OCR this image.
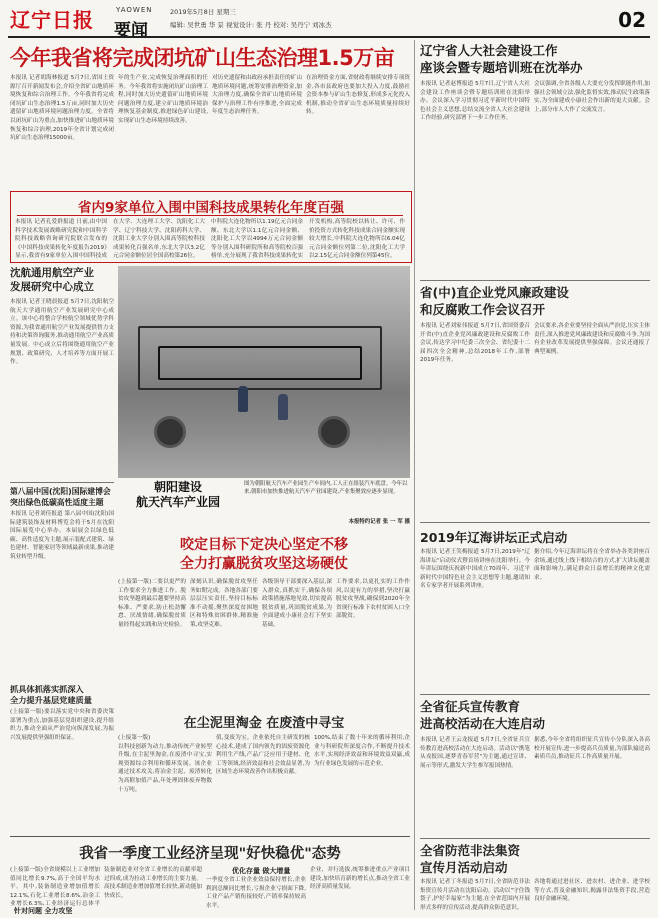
辽宁日报	YAOWEN
要闻
2019年5月8日 星期三
编辑: 吴世勇 华 景 视觉设计: 张 丹 校对: 吴丹宁 刘冰杰	02
今年我省将完成闭坑矿山生态治理1.5万亩
本报讯 记者胡海林报道 5月7日,省国土资源厅召开新闻发布会,介绍全省矿山地质环境恢复和综合治理工作。今年我省将完成闭坑矿山生态治理1.5万亩,同时加大历史遗留矿山地质环境问题治理力度。全省将以闭坑矿山为重点,加快推进矿山地质环境恢复和综合治理,2019年全省计划完成闭坑矿山生态治理15000亩。
年的生产业,完成恢复治理面积的任务。今年我省将实施闭坑矿山治理工程,同时加大历史遗留矿山地质环境问题治理力度,建立矿山地质环境治理恢复基金制度,推进绿色矿山建设,实现矿山生态环境持续改善。
对历史遗留和由政府承担责任的矿山地质环境问题,统筹安排治理资金,加大治理力度,确保全省矿山地质环境保护与治理工作有序推进,全面完成年度生态治理任务。
在治理资金方面,省财政将继续安排专项资金,各市县政府也要加大投入力度,鼓励社会资本参与矿山生态修复,形成多元化投入机制,推动全省矿山生态环境质量持续好转。
省内9家单位入围中国科技成果转化年度百强
本报讯 记者孔爱群报道 日前,由中国科学技术发展战略研究院和中国科学院科技战略咨询研究院联合发布的《中国科技成果转化年度报告2019》显示,我省有9家单位入围中国科技成
在大学、大连理工大学、沈阳化工大学、辽宁科技大学、沈阳药科大学、沈阳工业大学分别入围高等院校科技成果转化百强名单,东北大学以3.2亿元合同金额位居全国高校第26位。
中科院大连化物所以1.19亿元合同金额、东北大学以1.1亿元合同金额、沈阳化工大学以4994万元合同金额等分别入围科研院所和高等院校百强榜单,充分展现了我省科技成果转化实
开发机构,高等院校以转让、许可、作价投资方式转化科技成果合同金额实现较大增长,中科院大连化物所以6.04亿元合同金额位列第二位,沈阳化工大学以2.15亿元合同金额位列第45位。
沈航通用航空产业
发展研究中心成立
本报讯 记者王晓晨报道 5月7日,沈阳航空航天大学通用航空产业发展研究中心成立。该中心将整合学校航空领域优势学科资源,为我省通用航空产业发展提供智力支持和决策咨询服务,推动通用航空产业高质量发展。中心成立后将围绕通用航空产业规划、政策研究、人才培养等方面开展工作。
第八届中国(沈阳)国际建博会
突出绿色低碳高性适度主题
本报讯 记者刘佳报道 第八届中国(沈阳)国际建筑装饰及材料博览会将于5月在沈阳国际展览中心举办。本届展会以绿色低碳、高性适度为主题,展示装配式建筑、绿色建材、智能家居等领域最新成果,推动建筑业转型升级。
朝阳建设
航天汽车产业园
图为朝阳航天汽车产业园生产车间内,工人正在组装汽车底盘。今年以来,朝阳市加快推进航天汽车产业园建设,产业集聚效应逐步显现。
本报特约记者 张 一 军 摄
抓具体抓落实抓深入
全力提升基层党建质量
(上接第一版)要以落实党中央和省委决策部署为重点,加强基层党组织建设,提升组织力,推动全面从严治党向纵深发展,为振兴发展提供坚强组织保证。
咬定目标下定决心坚定不移
全力打赢脱贫攻坚这场硬仗
(上接第一版)二要以更严的工作要求全力推进工作。脱贫攻坚越到最后越要坚持高标准、严要求,防止松劲懈怠、厌战情绪,确保脱贫质量经得起实践和历史检验。
深刻认识,确保脱贫攻坚任务如期完成。各地各部门要层层压实责任,坚持目标标准不动摇,聚焦深度贫困地区和特殊贫困群体,精准施策,攻坚克难。
各级领导干部要深入基层,深入群众,真抓实干,确保各项政策措施落地见效,切实提高脱贫质量,巩固脱贫成果,为全面建成小康社会打下坚实基础。
工作要求,以更扎实的工作作风,以更有力的举措,坚决打赢脱贫攻坚战,确保到2020年全省现行标准下农村贫困人口全部脱贫。
在尘泥里淘金 在废渣中寻宝
(上接第一版)
以科技创新为动力,推动传统产业转型升级,在尘泥里淘金,在废渣中寻宝,实现资源综合利用和循环发展。该企业通过技术攻关,将冶金尘泥、废渣转化为高附加值产品,年处理固体废弃物数十万吨。
值,变废为宝。企业依托自主研发的核心技术,建成了国内领先的固废资源化利用生产线,产品广泛应用于建材、化工等领域,经济效益和社会效益显著,为区域生态环境改善作出积极贡献。
100%,结束了数十年来的循环利用,企业与科研院所深度合作,不断提升技术水平,实现经济效益和环境效益双赢,成为行业绿色发展的示范企业。
我省一季度工业经济呈现"好快稳优"态势
(上接第一版)全省规模以上工业增加值同比增长9.7%,高于全国平均水平。其中,装备制造业增加值增长12.1%,石化工业增长8.6%,冶金工业增长6.3%,工业经济运行总体平
针对问题 全力攻坚
装备制造业对全省工业增长的贡献率超过四成,成为拉动工业增长的主要力量。高技术制造业增加值增长较快,新动能加快成长。
优化存量 做大增量
一季度全省工业企业效益保持增长,企业利润总额同比增长,亏损企业亏损面下降,工业产品产销衔接较好,产销率保持较高水平。
企业、并行选拔,统筹推进重点产业项目建设,加快培育新的增长点,推动全省工业经济高质量发展。
辽宁省人大社会建设工作
座谈会暨专题培训班在沈举办
本报讯 记者赵博报道 5月7日,辽宁省人大社会建设工作座谈会暨专题培训班在沈阳举办。会议深入学习贯彻习近平新时代中国特色社会主义思想,总结交流全省人大社会建设工作经验,研究部署下一步工作任务。
会议强调,全省各级人大要充分发挥职能作用,加强社会领域立法,强化监督实效,推动民生政策落实,为全面建成小康社会作出新的更大贡献。会上,部分市人大作了交流发言。
省(中)直企业党风廉政建设
和反腐败工作会议召开
本报讯 记者刘家伟报道 5月7日,省国资委召开省(中)直企业党风廉政建设和反腐败工作会议,传达学习中纪委三次全会、省纪委十二届四次全会精神,总结2018年工作,部署2019年任务。
会议要求,各企业要坚持全面从严治党,压实主体责任,深入推进党风廉政建设和反腐败斗争,为国有企业改革发展提供坚强保障。会议还通报了典型案例。
2019年辽海讲坛正式启动
本报讯 记者王笑梅报道 5月7日,2019年"辽海讲坛"启动仪式暨首场讲座在沈阳举行。今年讲坛围绕庆祝新中国成立70周年、习近平新时代中国特色社会主义思想等主题,邀请知名专家学者开展系列讲座。
据介绍,今年辽海讲坛将在全省举办各类讲座百余场,通过线上线下相结合的方式,扩大讲坛覆盖面和影响力,满足群众日益增长的精神文化需求。
全省征兵宣传教育
进高校活动在大连启动
本报讯 记者王云龙报道 5月7日,全省征兵宣传教育进高校活动在大连启动。活动以"携笔从戎报国,逐梦青春军营"为主题,通过宣讲、展示等形式,激发大学生参军报国热情。
据悉,今年全省将组织征兵宣传小分队深入各高校开展宣传,进一步提高兵员质量,为部队输送高素质兵员,推动征兵工作高质量开展。
全省防范非法集资
宣传月活动启动
本报讯 记者丁冬报道 5月7日,全省防范非法集资宣传月活动在沈阳启动。活动以"守住钱袋子,护好幸福家"为主题,在全省范围内开展形式多样的宣传活动,提高群众防范意识。
各地将通过进社区、进农村、进企业、进学校等方式,普及金融知识,揭露非法集资手段,营造良好金融环境。
